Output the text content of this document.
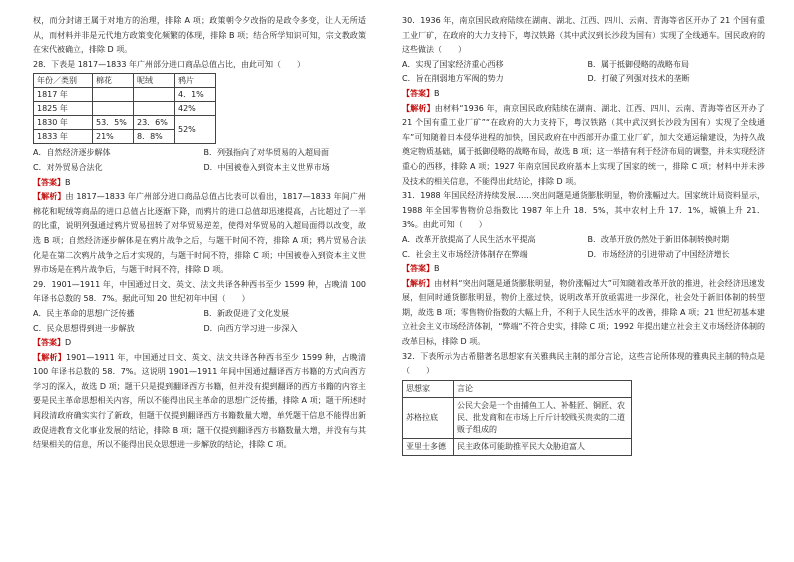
权，而分封诸王属于对地方的治理，排除 A 项；政策朝令夕改指的是政令多变，让人无所适从，而材料并非是元代地方政策变化频繁的体现，排除 B 项；结合所学知识可知，宗文教政策在宋代被确立，排除 D 项。

28．下表是 1817—1833 年广州部分进口商品总值占比，由此可知（　　）

年份／类别	棉花	呢绒	鸦片
1817 年			4．1%
1825 年			42%
1830 年	53．5%	23．6%	52%
1833 年	21%	8．8%	
A．自然经济逐步解体	B．列强指向了对华贸易的入超局面
C．对外贸易合法化	D．中国被卷入到资本主义世界市场

【答案】B

【解析】由 1817—1833 年广州部分进口商品总值占比表可以看出，1817—1833 年间广州棉花和呢绒等商品的进口总值占比逐渐下降，而鸦片的进口总值却迅速提高，占比超过了一半的比重，说明列强通过鸦片贸易扭转了对华贸易逆差，使得对华贸易的入超局面得以改变，故选 B 项；自然经济逐步解体是在鸦片战争之后，与题干时间不符，排除 A 项；鸦片贸易合法化是在第二次鸦片战争之后才实现的，与题干时间不符，排除 C 项；中国被卷入到资本主义世界市场是在鸦片战争后，与题干时间不符，排除 D 项。

29．1901—1911 年，中国通过日文、英文、法文共译各种西书至少 1599 种，占晚清 100 年译书总数的 58．7%。据此可知 20 世纪初年中国（　　）

A．民主革命的思想广泛传播	B．新政促进了文化发展
C．民众思想得到进一步解放	D．向西方学习进一步深入

【答案】D

【解析】1901—1911 年，中国通过日文、英文、法文共译各种西书至少 1599 种，占晚清 100 年译书总数的 58．7%。这说明 1901—1911 年间中国通过翻译西方书籍的方式向西方学习的深入，故选 D 项；题干只是提到翻译西方书籍，但并没有提到翻译的西方书籍的内容主要是民主革命思想相关内容，所以不能得出民主革命的思想广泛传播，排除 A 项；题干所述时间段清政府确实实行了新政，但题干仅提到翻译西方书籍数量大增，单凭题干信息不能得出新政促进教育文化事业发展的结论，排除 B 项；题干仅提到翻译西方书籍数量大增，并没有与其结果相关的信息，所以不能得出民众思想进一步解放的结论，排除 C 项。

30．1936 年，南京国民政府陆续在湖南、湖北、江西、四川、云南、青海等省区开办了 21 个国有重工业厂矿，在政府的大力支持下，粤汉铁路（其中武汉到长沙段为国有）实现了全线通车。国民政府的这些做法（　　）

A．实现了国家经济重心西移	B．属于抵御侵略的战略布局
C．旨在削弱地方军阀的势力	D．打破了列强对技术的垄断

【答案】B

【解析】由材料“1936 年，南京国民政府陆续在湖南、湖北、江西、四川、云南、青海等省区开办了 21 个国有重工业厂矿”“在政府的大力支持下，粤汉铁路（其中武汉到长沙段为国有）实现了全线通车”可知随着日本侵华进程的加快，国民政府在中西部开办重工业厂矿，加大交通运输建设，为持久战奠定物质基础，属于抵御侵略的战略布局，故选 B 项；这一举措有利于经济布局的调整，并未实现经济重心的西移，排除 A 项；1927 年南京国民政府基本上实现了国家的统一，排除 C 项；材料中并未涉及技术的相关信息，不能得出此结论，排除 D 项。

31．1988 年国民经济持续发展……突出问题是通货膨胀明显，物价涨幅过大。国家统计局资料显示，1988 年全国零售物价总指数比 1987 年上升 18．5%，其中农村上升 17．1%，城镇上升 21．3%。由此可知（　　）

A．改革开放提高了人民生活水平提高	B．改革开放仍然处于新旧体制转换时期
C．社会主义市场经济体制存在弊端	D．市场经济的引进带动了中国经济增长

【答案】B

【解析】由材料“突出问题是通货膨胀明显，物价涨幅过大”可知随着改革开放的推进，社会经济迅速发展，但同时通货膨胀明显，物价上涨过快，说明改革开放亟需进一步深化，社会处于新旧体制的转型期，故选 B 项；零售物价指数的大幅上升，不利于人民生活水平的改善，排除 A 项；21 世纪初基本建立社会主义市场经济体制，“弊端”不符合史实，排除 C 项；1992 年提出建立社会主义市场经济体制的改革目标，排除 D 项。

32．下表所示为古希腊著名思想家有关雅典民主制的部分言论，这些言论所体现的雅典民主制的特点是（　　）

思想家	言论
苏格拉底	公民大会是一个由捕鱼工人、补鞋匠、铜匠、农民、批发商和在市场上斤斤计较贱买贵卖的二道贩子组成的
亚里士多德	民主政体可能助推平民大众胁迫富人
